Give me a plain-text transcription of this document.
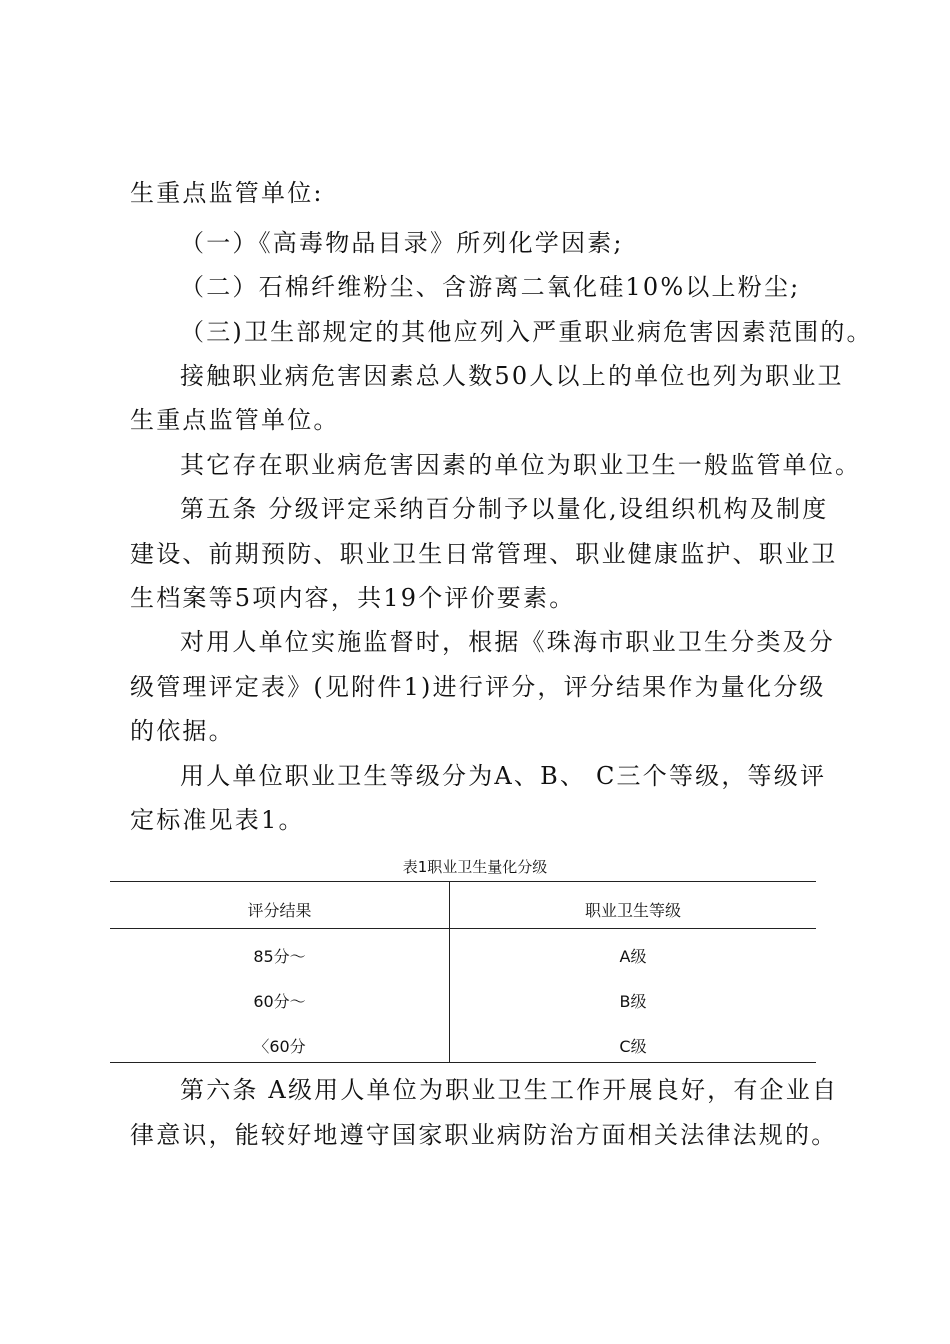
生重点监管单位:
（一）《高毒物品目录》所列化学因素;
（二）石棉纤维粉尘、含游离二氧化硅10%以上粉尘;
（三)卫生部规定的其他应列入严重职业病危害因素范围的。
接触职业病危害因素总人数50人以上的单位也列为职业卫
生重点监管单位。
其它存在职业病危害因素的单位为职业卫生一般监管单位。
第五条 分级评定采纳百分制予以量化,设组织机构及制度
建设、前期预防、职业卫生日常管理、职业健康监护、职业卫
生档案等5项内容，共19个评价要素。
对用人单位实施监督时，根据《珠海市职业卫生分类及分
级管理评定表》(见附件1)进行评分，评分结果作为量化分级
的依据。
用人单位职业卫生等级分为A、B、 C三个等级，等级评
定标准见表1。
表1职业卫生量化分级
评分结果	职业卫生等级
85分～	A级
60分～	B级
〈60分	C级
第六条 A级用人单位为职业卫生工作开展良好，有企业自
律意识，能较好地遵守国家职业病防治方面相关法律法规的。
